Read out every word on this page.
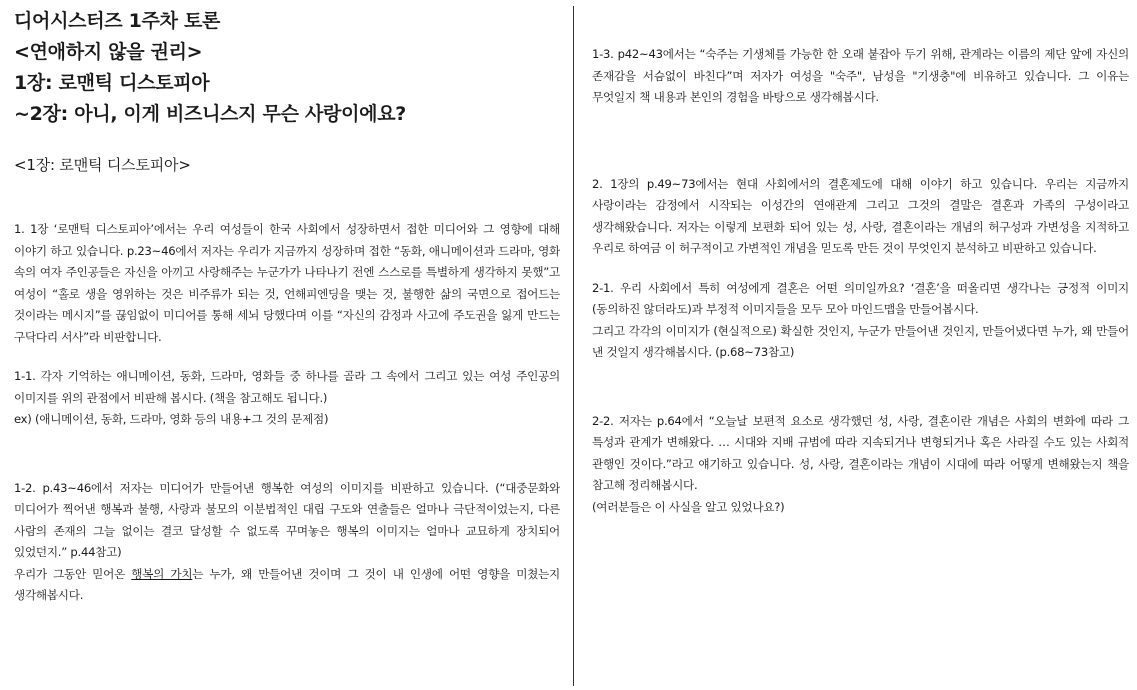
디어시스터즈 1주차 토론
<연애하지 않을 권리>
1장: 로맨틱 디스토피아
~2장: 아니, 이게 비즈니스지 무슨 사랑이에요?
<1장: 로맨틱 디스토피아>

1. 1장 ‘로맨틱 디스토피아’에서는 우리 여성들이 한국 사회에서 성장하면서 접한 미디어와 그 영향에 대해 이야기 하고 있습니다. p.23~46에서 저자는 우리가 지금까지 성장하며 접한 “동화, 애니메이션과 드라마, 영화 속의 여자 주인공들은 자신을 아끼고 사랑해주는 누군가가 나타나기 전엔 스스로를 특별하게 생각하지 못했”고 여성이 “홀로 생을 영위하는 것은 비주류가 되는 것, 언해피엔딩을 맺는 것, 불행한 삶의 국면으로 접어드는 것이라는 메시지”를 끊임없이 미디어를 통해 세뇌 당했다며 이를 “자신의 감정과 사고에 주도권을 잃게 만드는 구닥다리 서사”라 비판합니다.

1-1. 각자 기억하는 애니메이션, 동화, 드라마, 영화들 중 하나를 골라 그 속에서 그리고 있는 여성 주인공의 이미지를 위의 관점에서 비판해 봅시다. (책을 참고해도 됩니다.)

ex) (애니메이션, 동화, 드라마, 영화 등의 내용+그 것의 문제점)

1-2. p.43~46에서 저자는 미디어가 만들어낸 행복한 여성의 이미지를 비판하고 있습니다. (“대중문화와 미디어가 찍어낸 행복과 불행, 사랑과 불모의 이분법적인 대립 구도와 연출들은 얼마나 극단적이었는지, 다른 사람의 존재의 그늘 없이는 결코 달성할 수 없도록 꾸며놓은 행복의 이미지는 얼마나 교묘하게 장치되어 있었던지.” p.44참고)

우리가 그동안 믿어온 행복의 가치는 누가, 왜 만들어낸 것이며 그 것이 내 인생에 어떤 영향을 미쳤는지 생각해봅시다.

1-3. p42~43에서는 “숙주는 기생체를 가능한 한 오래 붙잡아 두기 위해, 관계라는 이름의 제단 앞에 자신의 존재감을 서슴없이 바친다”며 저자가 여성을 "숙주", 남성을 "기생충"에 비유하고 있습니다. 그 이유는 무엇일지 책 내용과 본인의 경험을 바탕으로 생각해봅시다.

2. 1장의 p.49~73에서는 현대 사회에서의 결혼제도에 대해 이야기 하고 있습니다. 우리는 지금까지 사랑이라는 감정에서 시작되는 이성간의 연애관계 그리고 그것의 결말은 결혼과 가족의 구성이라고 생각해왔습니다. 저자는 이렇게 보편화 되어 있는 성, 사랑, 결혼이라는 개념의 허구성과 가변성을 지적하고 우리로 하여금 이 허구적이고 가변적인 개념을 믿도록 만든 것이 무엇인지 분석하고 비판하고 있습니다.

2-1. 우리 사회에서 특히 여성에게 결혼은 어떤 의미일까요? ‘결혼’을 떠올리면 생각나는 긍정적 이미지(동의하진 않더라도)과 부정적 이미지들을 모두 모아 마인드맵을 만들어봅시다.

그리고 각각의 이미지가 (현실적으로) 확실한 것인지, 누군가 만들어낸 것인지, 만들어냈다면 누가, 왜 만들어 낸 것일지 생각해봅시다. (p.68~73참고)

2-2. 저자는 p.64에서 “오늘날 보편적 요소로 생각했던 성, 사랑, 결혼이란 개념은 사회의 변화에 따라 그 특성과 관계가 변해왔다. … 시대와 지배 규범에 따라 지속되거나 변형되거나 혹은 사라질 수도 있는 사회적 관행인 것이다.”라고 얘기하고 있습니다. 성, 사랑, 결혼이라는 개념이 시대에 따라 어떻게 변해왔는지 책을 참고해 정리해봅시다.

(여러분들은 이 사실을 알고 있었나요?)
